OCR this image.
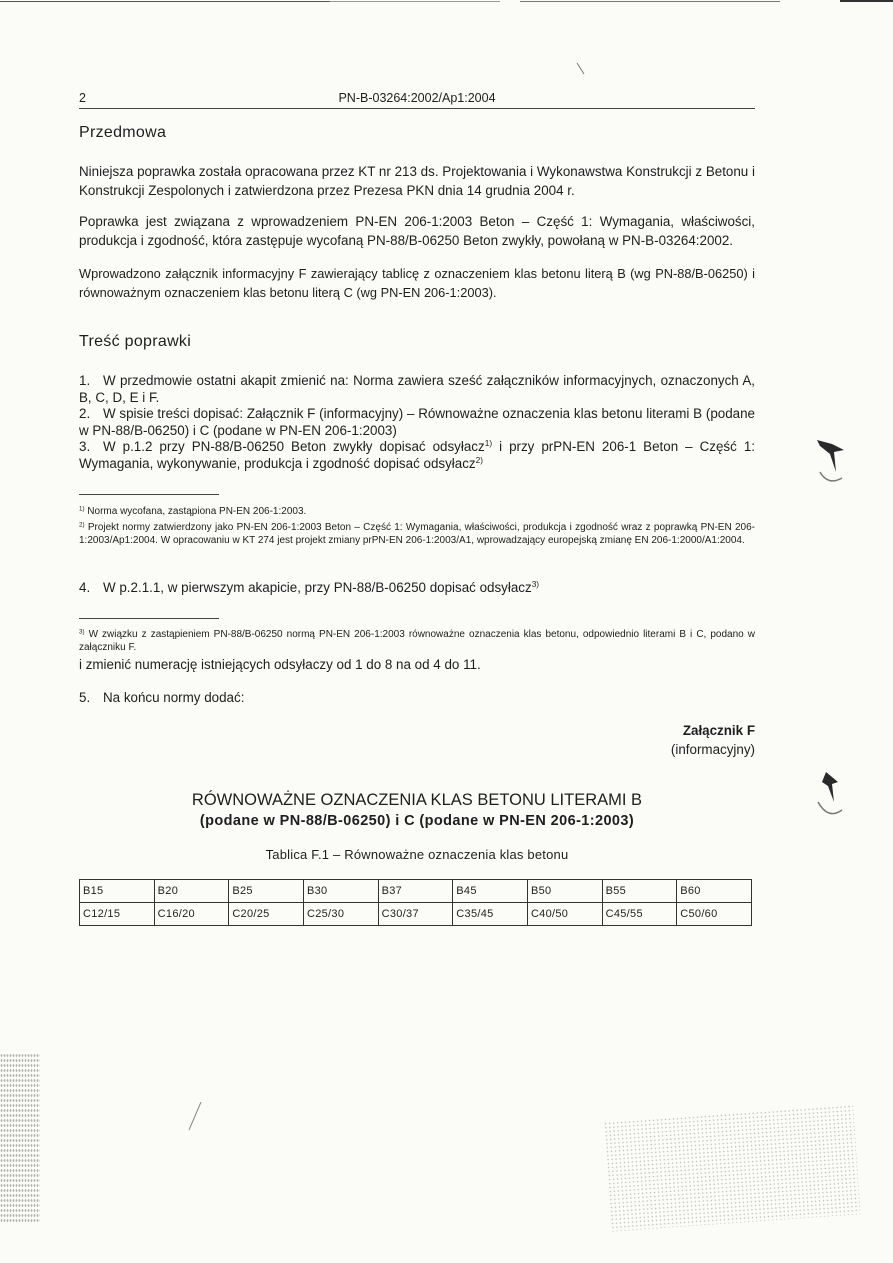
2	PN-B-03264:2002/Ap1:2004
Przedmowa

Niniejsza poprawka została opracowana przez KT nr 213 ds. Projektowania i Wykonawstwa Konstrukcji z Betonu i Konstrukcji Zespolonych i zatwierdzona przez Prezesa PKN dnia 14 grudnia 2004 r.

Poprawka jest związana z wprowadzeniem PN-EN 206-1:2003 Beton – Część 1: Wymagania, właściwości, produkcja i zgodność, która zastępuje wycofaną PN-88/B-06250 Beton zwykły, powołaną w PN-B-03264:2002.

Wprowadzono załącznik informacyjny F zawierający tablicę z oznaczeniem klas betonu literą B (wg PN-88/B-06250) i równoważnym oznaczeniem klas betonu literą C (wg PN-EN 206-1:2003).

Treść poprawki

1. W przedmowie ostatni akapit zmienić na: Norma zawiera sześć załączników informacyjnych, oznaczonych A, B, C, D, E i F.

2. W spisie treści dopisać: Załącznik F (informacyjny) – Równoważne oznaczenia klas betonu literami B (podane w PN-88/B-06250) i C (podane w PN-EN 206-1:2003)

3. W p.1.2 przy PN-88/B-06250 Beton zwykły dopisać odsyłacz$^{1)}$ i przy prPN-EN 206-1 Beton – Część 1: Wymagania, wykonywanie, produkcja i zgodność dopisać odsyłacz$^{2)}$

$^{1)}$ Norma wycofana, zastąpiona PN-EN 206-1:2003.

$^{2)}$ Projekt normy zatwierdzony jako PN-EN 206-1:2003 Beton – Część 1: Wymagania, właściwości, produkcja i zgodność wraz z poprawką PN-EN 206-1:2003/Ap1:2004. W opracowaniu w KT 274 jest projekt zmiany prPN-EN 206-1:2003/A1, wprowadzający europejską zmianę EN 206-1:2000/A1:2004.

4. W p.2.1.1, w pierwszym akapicie, przy PN-88/B-06250 dopisać odsyłacz$^{3)}$

$^{3)}$ W związku z zastąpieniem PN-88/B-06250 normą PN-EN 206-1:2003 równoważne oznaczenia klas betonu, odpowiednio literami B i C, podano w załączniku F.

i zmienić numerację istniejących odsyłaczy od 1 do 8 na od 4 do 11.

5. Na końcu normy dodać:

Załącznik F
(informacyjny)
RÓWNOWAŻNE OZNACZENIA KLAS BETONU LITERAMI B
(podane w PN-88/B-06250) i C (podane w PN-EN 206-1:2003)
Tablica F.1 – Równoważne oznaczenia klas betonu
B15	B20	B25	B30	B37	B45	B50	B55	B60
C12/15	C16/20	C20/25	C25/30	C30/37	C35/45	C40/50	C45/55	C50/60
